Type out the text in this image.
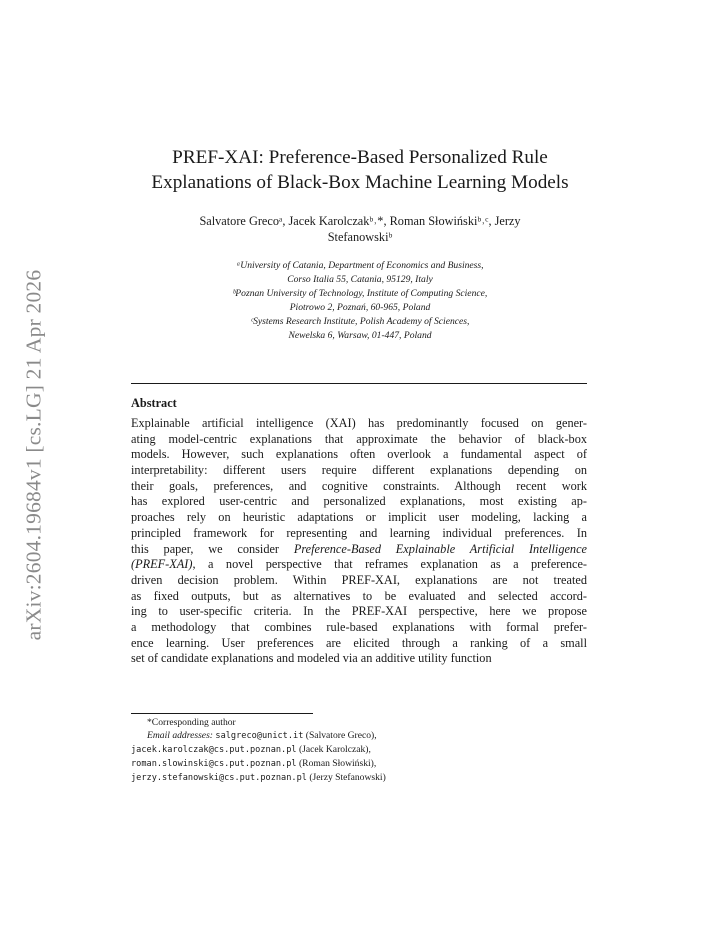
arXiv:2604.19684v1 [cs.LG] 21 Apr 2026
PREF-XAI: Preference-Based Personalized Rule
Explanations of Black-Box Machine Learning Models
Salvatore Grecoᵃ, Jacek Karolczakᵇ˒*, Roman Słowińskiᵇ˒ᶜ, Jerzy
Stefanowskiᵇ
ᵃUniversity of Catania, Department of Economics and Business,
Corso Italia 55, Catania, 95129, Italy
ᵇPoznan University of Technology, Institute of Computing Science,
Piotrowo 2, Poznań, 60-965, Poland
ᶜSystems Research Institute, Polish Academy of Sciences,
Newelska 6, Warsaw, 01-447, Poland
Abstract
Explainable artificial intelligence (XAI) has predominantly focused on gener-
ating model-centric explanations that approximate the behavior of black-box
models. However, such explanations often overlook a fundamental aspect of
interpretability: different users require different explanations depending on
their goals, preferences, and cognitive constraints. Although recent work
has explored user-centric and personalized explanations, most existing ap-
proaches rely on heuristic adaptations or implicit user modeling, lacking a
principled framework for representing and learning individual preferences. In
this paper, we consider Preference-Based Explainable Artificial Intelligence
(PREF-XAI), a novel perspective that reframes explanation as a preference-
driven decision problem. Within PREF-XAI, explanations are not treated
as fixed outputs, but as alternatives to be evaluated and selected accord-
ing to user-specific criteria. In the PREF-XAI perspective, here we propose
a methodology that combines rule-based explanations with formal prefer-
ence learning. User preferences are elicited through a ranking of a small
set of candidate explanations and modeled via an additive utility function
*Corresponding author
Email addresses: salgreco@unict.it (Salvatore Greco),
jacek.karolczak@cs.put.poznan.pl (Jacek Karolczak),
roman.slowinski@cs.put.poznan.pl (Roman Słowiński),
jerzy.stefanowski@cs.put.poznan.pl (Jerzy Stefanowski)
